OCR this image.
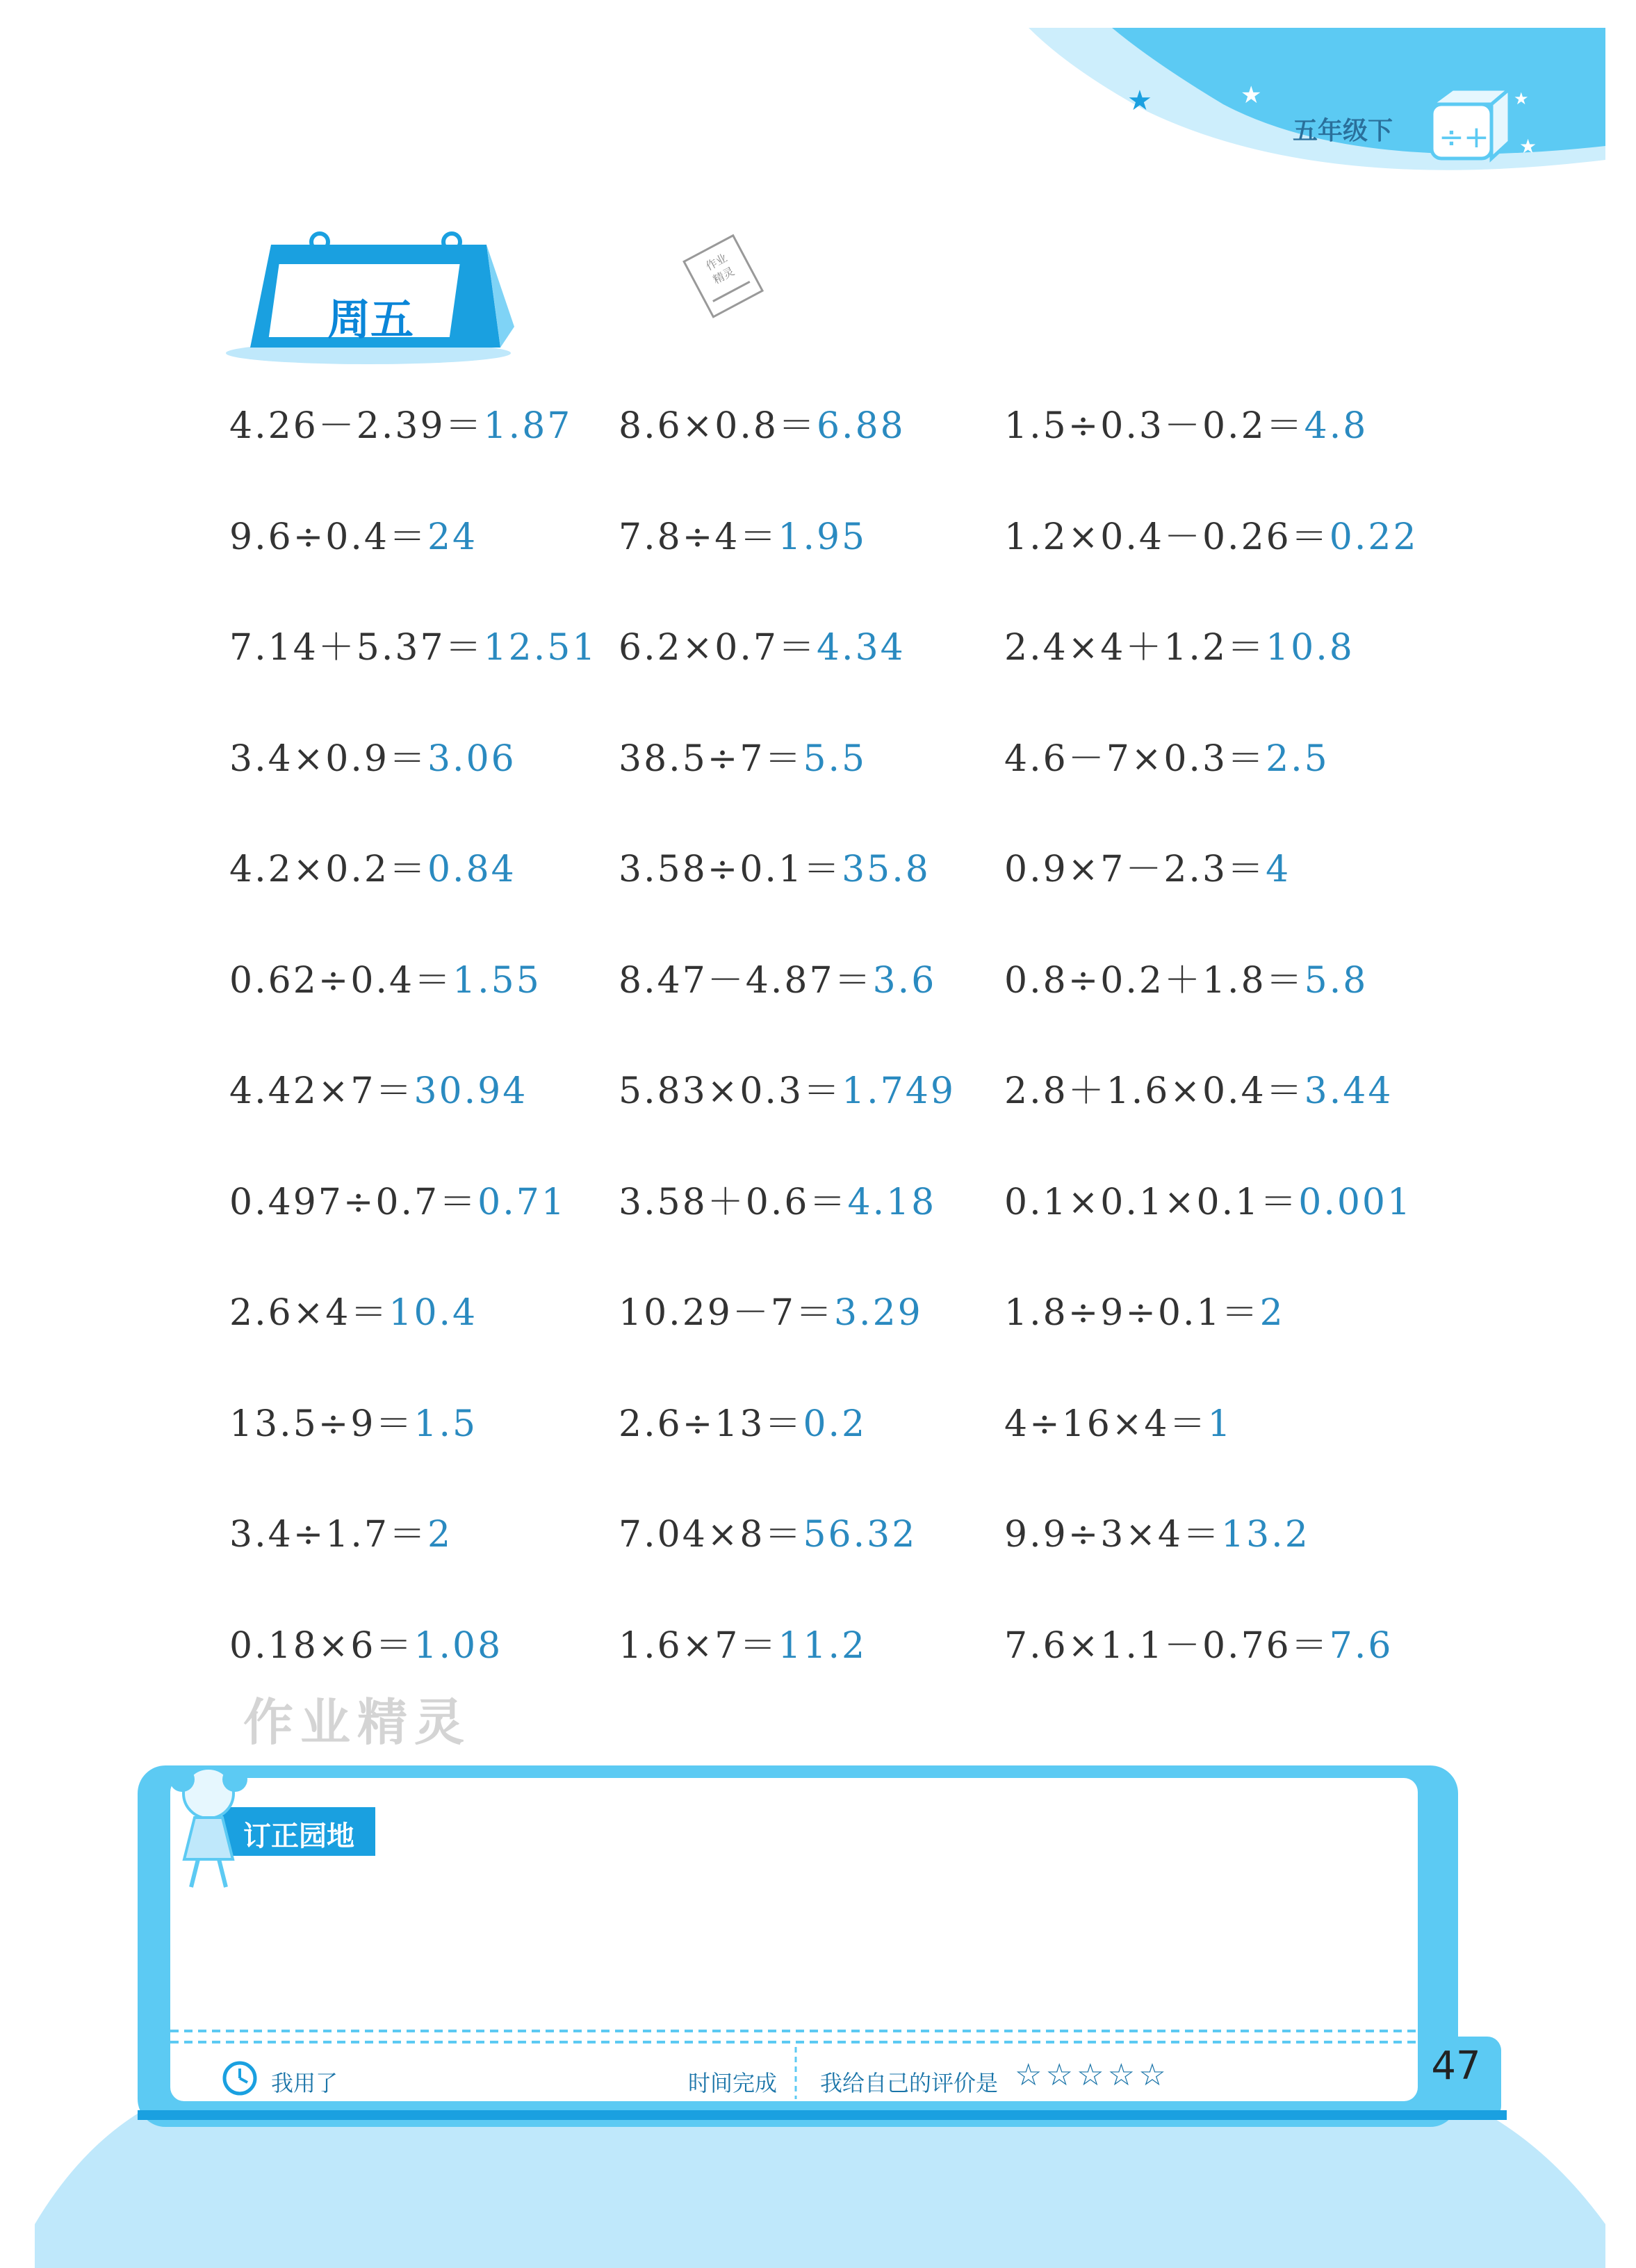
★	★	★
★
÷ +
五年级下
周五
作业
精灵
4.26－2.39＝1.87 8.6×0.8＝6.88	1.5÷0.3－0.2＝4.8
9.6÷0.4＝24	7.8÷4＝1.95	1.2×0.4－0.26＝0.22
7.14＋5.37＝12.51 6.2×0.7＝4.34	2.4×4＋1.2＝10.8
3.4×0.9＝3.06	38.5÷7＝5.5	4.6－7×0.3＝2.5
4.2×0.2＝0.84	3.58÷0.1＝35.8 0.9×7－2.3＝4
0.62÷0.4＝1.55 8.47－4.87＝3.6 0.8÷0.2＋1.8＝5.8
4.42×7＝30.94	5.83×0.3＝1.749 2.8＋1.6×0.4＝3.44
0.497÷0.7＝0.71 3.58＋0.6＝4.18 0.1×0.1×0.1＝0.001
2.6×4＝10.4	10.29－7＝3.29 1.8÷9÷0.1＝2
13.5÷9＝1.5	2.6÷13＝0.2	4÷16×4＝1
3.4÷1.7＝2	7.04×8＝56.32 9.9÷3×4＝13.2
0.18×6＝1.08	1.6×7＝11.2	7.6×1.1－0.76＝7.6
作业精灵
订正园地
我用了	时间完成 我给自己的评价是 ☆ ☆ ☆ ☆ ☆	47
